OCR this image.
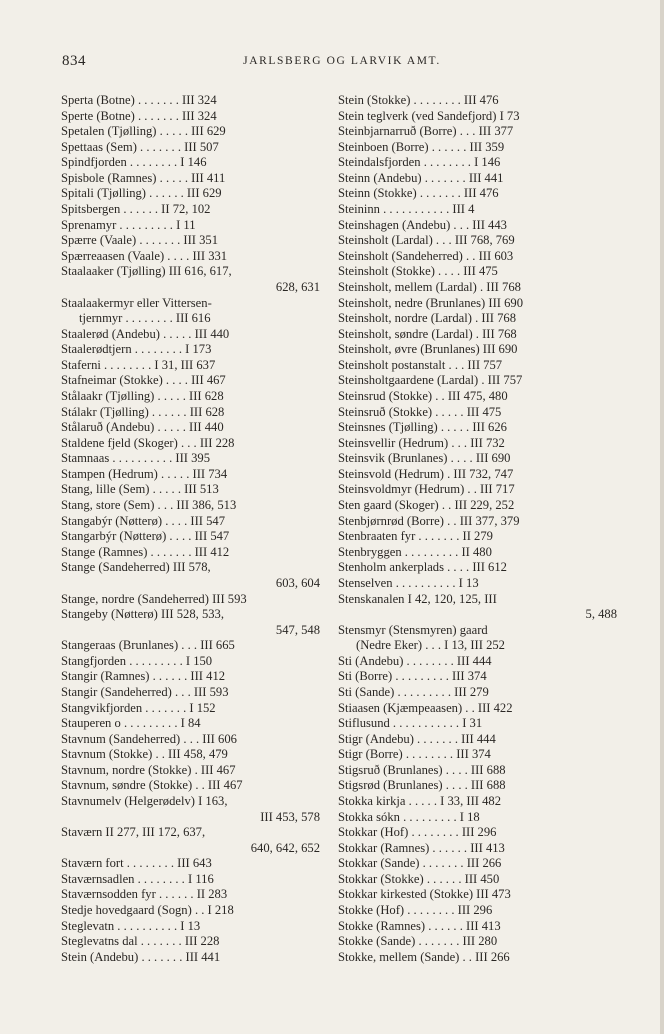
834	JARLSBERG OG LARVIK AMT.
Sperta (Botne) . . . . . . . III 324
Sperte (Botne) . . . . . . . III 324
Spetalen (Tjølling) . . . . . III 629
Spettaas (Sem) . . . . . . . III 507
Spindfjorden . . . . . . . . I 146
Spisbole (Ramnes) . . . . . III 411
Spitali (Tjølling) . . . . . . III 629
Spitsbergen . . . . . . II 72, 102
Sprenamyr . . . . . . . . . I 11
Spærre (Vaale) . . . . . . . III 351
Spærreaasen (Vaale) . . . . III 331
Staalaaker (Tjølling) III 616, 617,
628, 631
Staalaakermyr eller Vittersen-
tjernmyr . . . . . . . . III 616
Staalerød (Andebu) . . . . . III 440
Staalerødtjern . . . . . . . . I 173
Staferni . . . . . . . . I 31, III 637
Stafneimar (Stokke) . . . . III 467
Stålaakr (Tjølling) . . . . . III 628
Stálakr (Tjølling) . . . . . . III 628
Stålaruð (Andebu) . . . . . III 440
Staldene fjeld (Skoger) . . . III 228
Stamnaas . . . . . . . . . . III 395
Stampen (Hedrum) . . . . . III 734
Stang, lille (Sem) . . . . . III 513
Stang, store (Sem) . . . III 386, 513
Stangabýr (Nøtterø) . . . . III 547
Stangarbýr (Nøtterø) . . . . III 547
Stange (Ramnes) . . . . . . . III 412
Stange (Sandeherred) III 578,
603, 604
Stange, nordre (Sandeherred) III 593
Stangeby (Nøtterø) III 528, 533,
547, 548
Stangeraas (Brunlanes) . . . III 665
Stangfjorden . . . . . . . . . I 150
Stangir (Ramnes) . . . . . . III 412
Stangir (Sandeherred) . . . III 593
Stangvikfjorden . . . . . . . I 152
Stauperen o . . . . . . . . . I 84
Stavnum (Sandeherred) . . . III 606
Stavnum (Stokke) . . III 458, 479
Stavnum, nordre (Stokke) . III 467
Stavnum, søndre (Stokke) . . III 467
Stavnumelv (Helgerødelv) I 163,
III 453, 578
Staværn II 277, III 172, 637,
640, 642, 652
Staværn fort . . . . . . . . III 643
Staværnsadlen . . . . . . . . I 116
Staværnsodden fyr . . . . . . II 283
Stedje hovedgaard (Sogn) . . I 218
Steglevatn . . . . . . . . . . I 13
Steglevatns dal . . . . . . . III 228
Stein (Andebu) . . . . . . . III 441
Stein (Stokke) . . . . . . . . III 476
Stein teglverk (ved Sandefjord) I 73
Steinbjarnarruð (Borre) . . . III 377
Steinboen (Borre) . . . . . . III 359
Steindalsfjorden . . . . . . . . I 146
Steinn (Andebu) . . . . . . . III 441
Steinn (Stokke) . . . . . . . III 476
Steininn . . . . . . . . . . . III 4
Steinshagen (Andebu) . . . III 443
Steinsholt (Lardal) . . . III 768, 769
Steinsholt (Sandeherred) . . III 603
Steinsholt (Stokke) . . . . III 475
Steinsholt, mellem (Lardal) . III 768
Steinsholt, nedre (Brunlanes) III 690
Steinsholt, nordre (Lardal) . III 768
Steinsholt, søndre (Lardal) . III 768
Steinsholt, øvre (Brunlanes) III 690
Steinsholt postanstalt . . . III 757
Steinsholtgaardene (Lardal) . III 757
Steinsrud (Stokke) . . III 475, 480
Steinsruð (Stokke) . . . . . III 475
Steinsnes (Tjølling) . . . . . III 626
Steinsvellir (Hedrum) . . . III 732
Steinsvik (Brunlanes) . . . . III 690
Steinsvold (Hedrum) . III 732, 747
Steinsvoldmyr (Hedrum) . . III 717
Sten gaard (Skoger) . . III 229, 252
Stenbjørnrød (Borre) . . III 377, 379
Stenbraaten fyr . . . . . . . II 279
Stenbryggen . . . . . . . . . II 480
Stenholm ankerplads . . . . III 612
Stenselven . . . . . . . . . . I 13
Stenskanalen I 42, 120, 125, III
5, 488
Stensmyr (Stensmyren) gaard
(Nedre Eker) . . . I 13, III 252
Sti (Andebu) . . . . . . . . III 444
Sti (Borre) . . . . . . . . . III 374
Sti (Sande) . . . . . . . . . III 279
Stiaasen (Kjæmpeaasen) . . III 422
Stiflusund . . . . . . . . . . . I 31
Stigr (Andebu) . . . . . . . III 444
Stigr (Borre) . . . . . . . . III 374
Stigsruð (Brunlanes) . . . . III 688
Stigsrød (Brunlanes) . . . . III 688
Stokka kirkja . . . . . I 33, III 482
Stokka sókn . . . . . . . . . I 18
Stokkar (Hof) . . . . . . . . III 296
Stokkar (Ramnes) . . . . . . III 413
Stokkar (Sande) . . . . . . . III 266
Stokkar (Stokke) . . . . . . III 450
Stokkar kirkested (Stokke) III 473
Stokke (Hof) . . . . . . . . III 296
Stokke (Ramnes) . . . . . . III 413
Stokke (Sande) . . . . . . . III 280
Stokke, mellem (Sande) . . III 266
